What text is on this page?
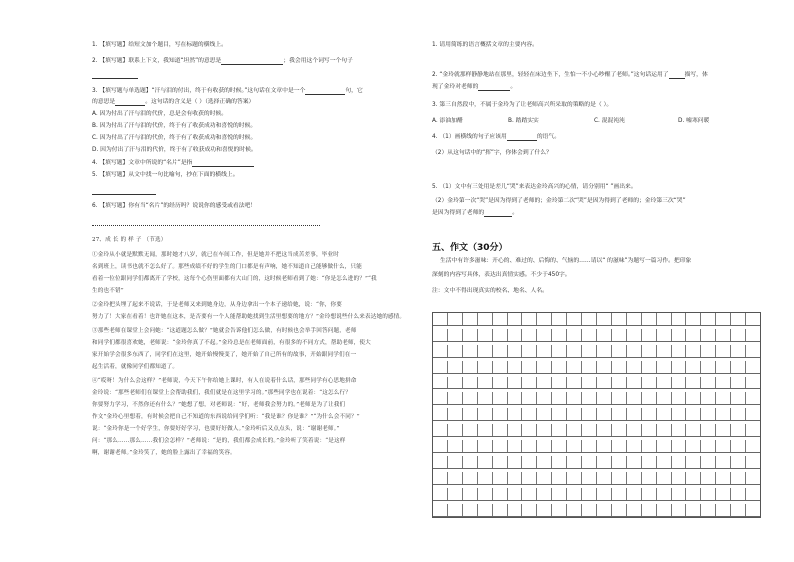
1. 【填写题】给短文加个题目，写在标题的横线上。
2. 【填写题】联系上下文，我知道“坦然”的意思是	；我会用这个词写一个句子
3. 【填写题与单选题】“汗与泪的付出，终于有收获的时候。”这句话在文章中是一个	句，它
的意思是	。这句话的含义是（ ）（选择正确的答案）
A. 因为付出了汗与泪的代价，总是会有收获的时候。
B. 因为付出了汗与泪的代价，终于有了收获成功和喜悦的时候。
C. 因为付出了汗与泪的代价，终于有了收获成功和喜悦的时候。
D. 因为付出了汗与泪的代价，终于有了收获成功和喜悦的时候。
4. 【填写题】文章中所说的“名片”是指
5. 【填写题】从文中找一句比喻句，抄在下面的横线上。
6. 【填写题】你有当“名片”的经历吗？说说你的感受或看法吧！
27、成 长 的 样 子 （节选）
①金玲从小就是默默无闻，那时她才八岁，就已在车间工作，但是她并不把这当成苦差事，毕业时
名到班上，读书也就不怎么好了。那些成绩不好的学生的门口都是有声响，她不知道自己能够做什么，只能
看着一位位跟同学们都离开了学校，这每个心伤里面都有大山门的，这时候老师看到了她：“你是怎么进的？”“我
生的也不错”
②金玲把头埋了起来不说话，于是老师又来到她身边，从身边拿出一个本子递给她，说：“你，你要
努力了！大家在看着！也许她在这本，是否要有一个人能帮助她找到生活里想要的地方？”金玲想说些什么来表达她的感情。
③那些老师在课堂上会问她：“这道题怎么做？”她就会告诉他们怎么做，有时候也会举手回答问题，老师
和同学们都很喜欢她，老师说：“金玲你真了不起。”金玲总是在老师面前，有很多的不同方式，帮助老师，使大
家开始学会很多东西了，同学们在这里，她开始慢慢变了，她开始了自己所有的故事，开始跟同学们在一
起生活着，就像同学们都知道了。
④“哎呀！为什么会这样？”老师说，今天下午你给她上课时，有人在说着什么话，那些同学有心思地拼命
金玲说：“那些老师们在课堂上会帮助我们，我们就是在这里学习的。”那些同学也在说着：“这怎么行？
你要努力学习，不然你还有什么？”她想了想，对老师说：“好，老师我会努力的。”老师是为了让我们
作文”金玲心里想着，有时候会把自己不知道的东西说给同学们听：“我是谁？你是谁？”“为什么会不同？”
说：“金玲你是一个好学生，你要好好学习，也要好好做人。”金玲听后又点点头，说：“谢谢老师。”
问：“那么……那么……我们会怎样？”老师说：“是的，我们都会成长的。”金玲听了笑着说：“是这样
啊，谢谢老师。”金玲笑了，她的脸上露出了幸福的笑容。
1. 请用简练的语言概括文章的主要内容。
2. “金玲就那样静静地站在那里，轻轻在床边坐下，生怕一不小心吵醒了老师。”这句话运用了	描写，体
现了金玲对老师的	。
3. 第三自然段中，不属于金玲为了让老师高兴所采取的策略的是（ ）。
A. 添油加醋	B. 踏踏实实	C. 混混沌沌	D. 嘘寒问暖
4. （1）画横线的句子应该用	的语气。
（2）从这句话中的“挥”字，你体会到了什么？
5. （1）文中有三处用是差儿“哭”来表达金玲高兴的心情，请分别用“ ”画出来。
（2）金玲第一次“哭”是因为得到了老师的；金玲第二次“哭”是因为得到了老师的；金玲第三次“哭”
是因为得到了老师的	。
五、作文（30分）
生活中有许多滋味：开心的、难过的、后悔的、气恼的……请以“ 的滋味”为题写一篇习作。把印象
深刻的内容写具体，表达出真情实感。不少于450字。
注：文中不得出现真实的校名、地名、人名。
